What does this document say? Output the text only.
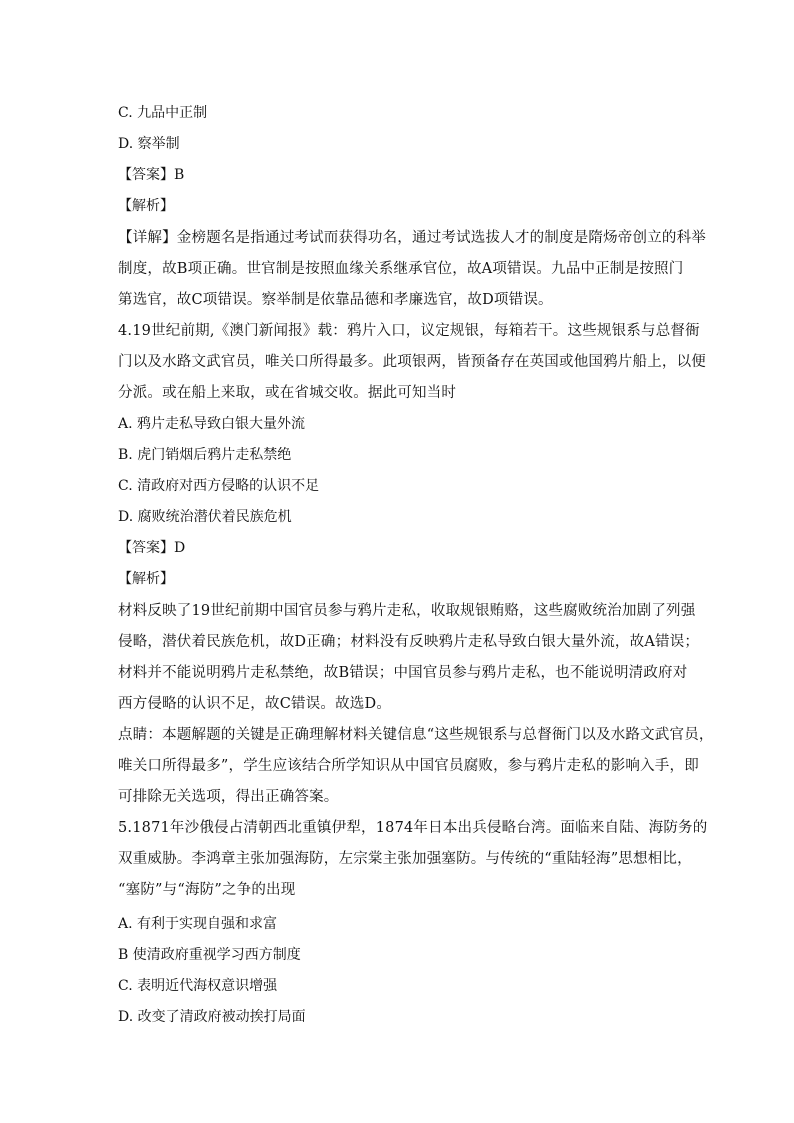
C. 九品中正制
D. 察举制
【答案】B
【解析】
【详解】金榜题名是指通过考试而获得功名，通过考试选拔人才的制度是隋炀帝创立的科举
制度，故B项正确。世官制是按照血缘关系继承官位，故A项错误。九品中正制是按照门
第选官，故C项错误。察举制是依靠品德和孝廉选官，故D项错误。
4.19世纪前期,《澳门新闻报》载：鸦片入口，议定规银，每箱若干。这些规银系与总督衙
门以及水路文武官员，唯关口所得最多。此项银两，皆预备存在英国或他国鸦片船上，以便
分派。或在船上来取，或在省城交收。据此可知当时
A. 鸦片走私导致白银大量外流
B. 虎门销烟后鸦片走私禁绝
C. 清政府对西方侵略的认识不足
D. 腐败统治潜伏着民族危机
【答案】D
【解析】
材料反映了19世纪前期中国官员参与鸦片走私，收取规银贿赂，这些腐败统治加剧了列强
侵略，潜伏着民族危机，故D正确；材料没有反映鸦片走私导致白银大量外流，故A错误；
材料并不能说明鸦片走私禁绝，故B错误；中国官员参与鸦片走私，也不能说明清政府对
西方侵略的认识不足，故C错误。故选D。
点睛：本题解题的关键是正确理解材料关键信息“这些规银系与总督衙门以及水路文武官员，
唯关口所得最多”，学生应该结合所学知识从中国官员腐败，参与鸦片走私的影响入手，即
可排除无关选项，得出正确答案。
5.1871年沙俄侵占清朝西北重镇伊犁，1874年日本出兵侵略台湾。面临来自陆、海防务的
双重威胁。李鸿章主张加强海防，左宗棠主张加强塞防。与传统的“重陆轻海”思想相比，
“塞防”与“海防”之争的出现
A. 有利于实现自强和求富
B 使清政府重视学习西方制度
C. 表明近代海权意识增强
D. 改变了清政府被动挨打局面
